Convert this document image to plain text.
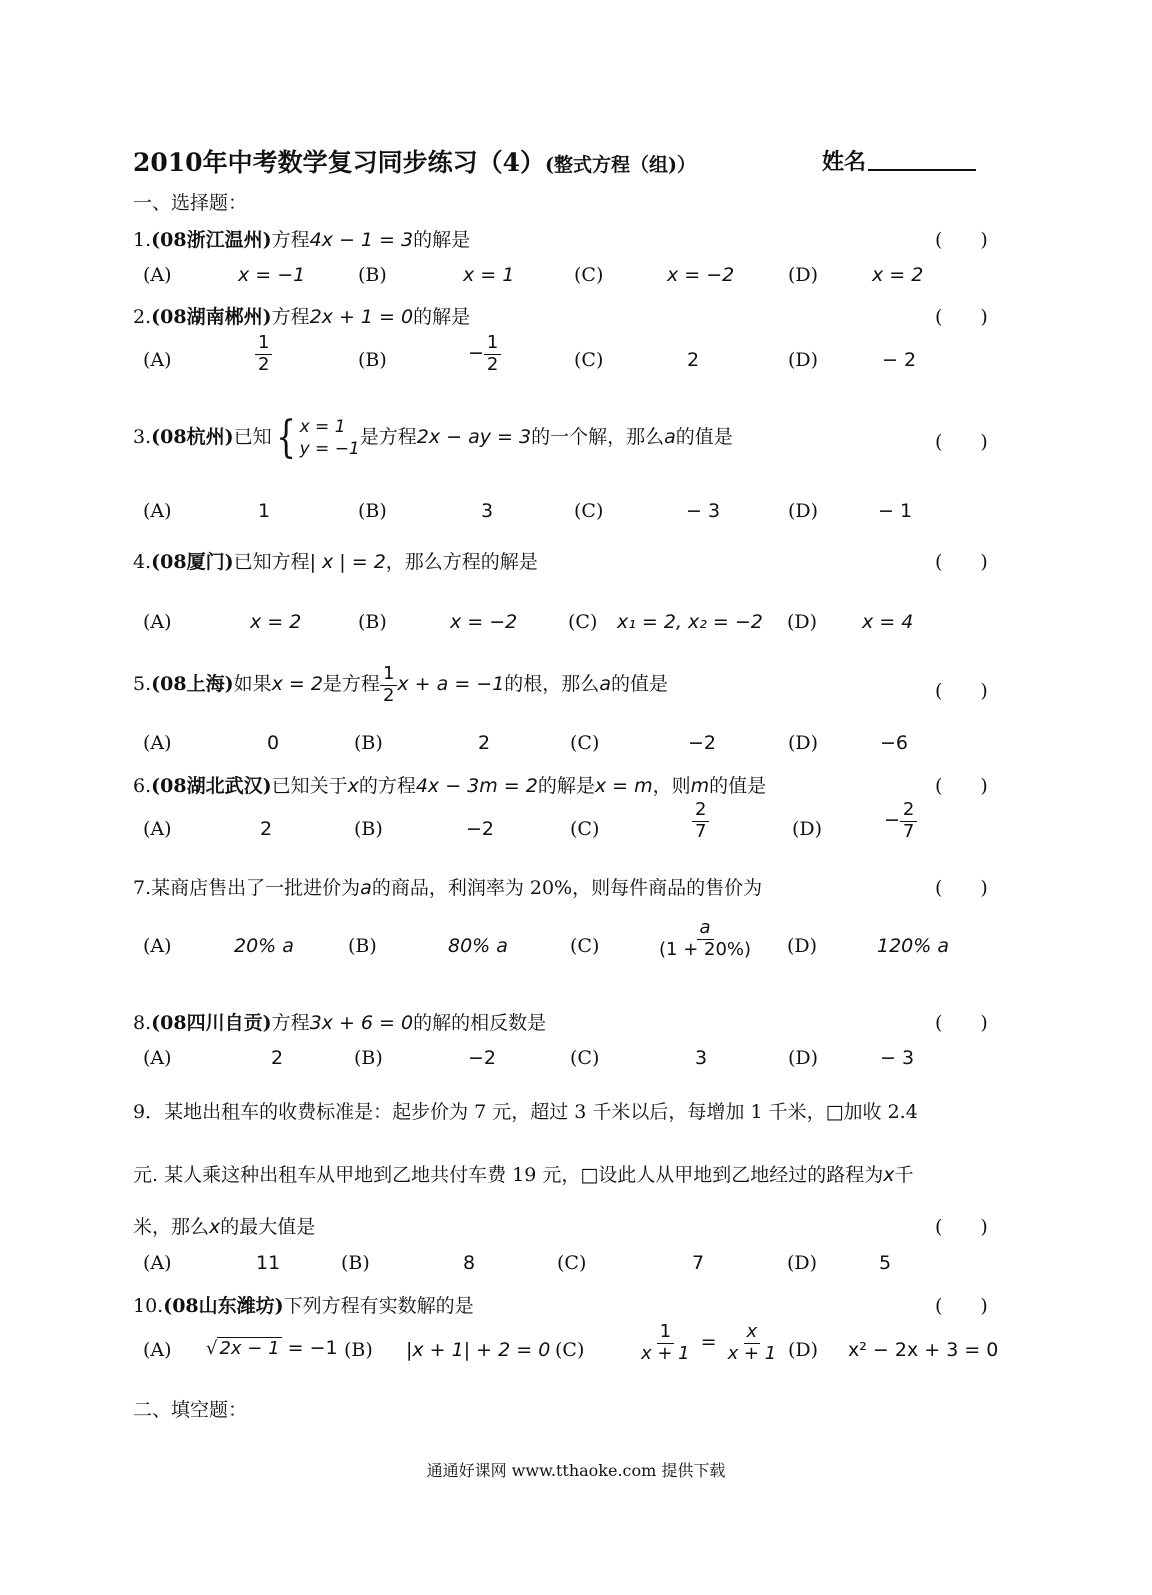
2010年中考数学复习同步练习（4）(整式方程（组)）	姓名
一、选择题：
1.(08浙江温州)方程4x − 1 = 3的解是	(　　)
(A)	x = −1	(B)	x = 1	(C)	x = −2	(D)	x = 2
2.(08湖南郴州)方程2x + 1 = 0的解是	(　　)
(A)	$\frac{1}{2}$	(B)	− $\frac{1}{2}$	(C)	2	(D)	− 2
3.(08杭州)已知 { x = 1
y = −1
是方程2x − ay = 3的一个解，那么a的值是	(　　)
(A)	1	(B)	3	(C)	− 3	(D)	− 1
4.(08厦门)已知方程| x | = 2，那么方程的解是	(　　)
(A)	x = 2	(B)	x = −2	(C) x₁ = 2, x₂ = −2 (D) x = 4
5.(08上海)如果x = 2是方程 $\frac{1}{2}$ x + a = −1的根，那么a的值是	(　　)
(A)	0	(B)	2	(C)	−2	(D)	−6
6.(08湖北武汉)已知关于x的方程4x − 3m = 2的解是x = m，则m的值是	(　　)
(A)	2	(B)	−2	(C)	$\frac{2}{7}$	(D)	− $\frac{2}{7}$
7.某商店售出了一批进价为a的商品，利润率为 20%，则每件商品的售价为	(　　)
(A)	20% a	(B)	80% a	(C)	$\frac{a}{(1 + 20\%)} (D)$	120% a
8.(08四川自贡)方程3x + 6 = 0的解的相反数是	(　　)
(A)	2	(B)	−2	(C)	3	(D)	− 3
9．某地出租车的收费标准是：起步价为 7 元，超过 3 千米以后，每增加 1 千米，□加收 2.4
元. 某人乘这种出租车从甲地到乙地共付车费 19 元，□设此人从甲地到乙地经过的路程为x千
米，那么x的最大值是	(　　)
(A)	11	(B)	8	(C)	7	(D)	5
10.(08山东潍坊)下列方程有实数解的是	(　　)
(A) √ 2x − 1 = −1 (B) |x + 1| + 2 = 0 (C)	$\frac{1}{x + 1} = \frac{x}{x + 1} (D) x^2 - 2x + 3 = 0$
二、填空题：
通通好课网 www.tthaoke.com 提供下载
